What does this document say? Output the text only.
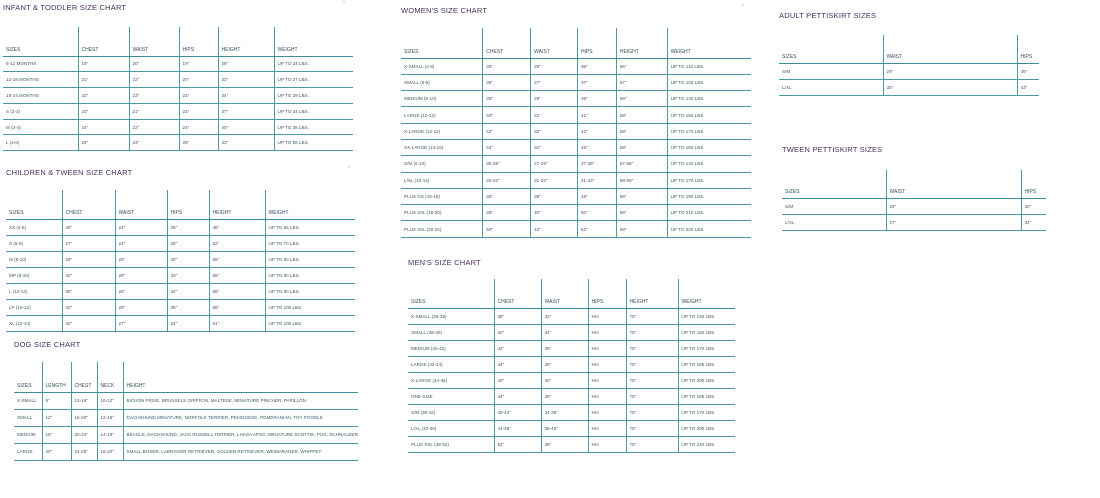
INFANT & TODDLER SIZE CHART	ˇ
SIZES	CHEST	WAIST	HIPS	HEIGHT	WEIGHT
6-12 MONTHS	19"	20"	19"	29"	UP TO 24 LBS.
12-18 MONTHS	21"	22"	20"	32"	UP TO 27 LBS.
18-24 MONTHS	22"	23"	23"	34"	UP TO 29 LBS.
S (2-3)	23"	21"	23"	37"	UP TO 34 LBS.
M (3-4)	24"	22"	24"	40"	UP TO 38 LBS.
L (4-6)	25"	23"	25"	43"	UP TO 55 LBS.
CHILDREN & TWEEN SIZE CHART	ˇ
SIZES	CHEST	WAIST	HIPS	HEIGHT	WEIGHT
XS (4-6)	25"	24"	26"	46"	UP TO 55 LBS.
S (6-8)	27"	24"	28"	52"	UP TO 70 LBS.
M (8-10)	29"	25"	30"	55"	UP TO 80 LBS.
MP (8-10)	32"	28"	33"	55"	UP TO 90 LBS.
L (10-12)	30"	26"	32"	58"	UP TO 90 LBS.
LP (10-12)	33"	29"	35"	58"	UP TO 100 LBS.
XL (12-14)	32"	27"	34"	61"	UP TO 100 LBS.
DOG SIZE CHART
SIZES	LENGTH	CHEST	NECK	HEIGHT
X-SMALL	8"	12-16"	10-12"	BICHON FRISE, BRUSSELS GRIFFON, MALTESE, MINIATURE PINCHER, PAPILLON
SMALL	12"	16-20"	12-16"	DACHSHUND MINIATURE, NORFOLK TERRIER, PEKINGESE, POMERANIAN, TOY POODLE
MEDIUM	16"	20-24"	14-18"	BEAGLE, DACHSHUND, JACK RUSSELL TERRIER, LHASA APSO, MINIATURE SCOTTIE, PUG, SCHNAUZER
LARGE	20"	24-29"	16-20"	SMALL BOXER, LABRADOR RETRIEVER, GOLDEN RETRIEVER, WEIMARANER, WHIPPET
WOMEN'S SIZE CHART	ˇ
SIZES	CHEST	WAIST	HIPS	HEIGHT	WEIGHT
X-SMALL (4-6)	35"	26"	36"	66"	UP TO 110 LBS.
SMALL (6-8)	36"	27"	37"	67"	UP TO 125 LBS.
MEDIUM (8-10)	38"	29"	39"	68"	UP TO 140 LBS.
LARGE (10-12)	40"	31"	41"	68"	UP TO 155 LBS.
X-LARGE (12-14)	42"	33"	43"	68"	UP TO 170 LBS.
XX-LARGE (14-16)	44"	34"	45"	68"	UP TO 180 LBS.
S/M (6-10)	36-38"	27-29"	37-39"	67-68"	UP TO 140 LBS.
L/XL (10-14)	40-42"	31-33"	41-43"	68-69"	UP TO 170 LBS.
PLUS OS (16-18)	46"	38"	48"	68"	UP TO 190 LBS.
PLUS 2XL (18-20)	48"	40"	50"	68"	UP TO 210 LBS.
PLUS 3XL (20-22)	50"	42"	52"	68"	UP TO 230 LBS.
MEN'S SIZE CHART
SIZES	CHEST	WAIST	HIPS	HEIGHT	WEIGHT
X-SMALL (36-38)	38"	32"	N/A	70"	UP TO 140 LBS.
SMALL (38-40)	40"	34"	N/A	70"	UP TO 150 LBS.
MEDIUM (40-42)	42"	36"	N/A	70"	UP TO 170 LBS.
LARGE (42-44)	44"	38"	N/A	70"	UP TO 185 LBS.
X-LARGE (44-46)	46"	40"	N/A	70"	UP TO 200 LBS.
ONE-SIZE	44"	38"	N/A	70"	UP TO 185 LBS.
S/M (38-42)	40-42"	34-36"	N/A	70"	UP TO 170 LBS.
L/XL (42-46)	44-46"	38-40"	N/A	70"	UP TO 200 LBS.
PLUS XXL (48-52)	52"	48"	N/A	70"	UP TO 240 LBS.
ADULT PETTISKIRT SIZES
SIZES	WAIST	HIPS
S/M	29"	39"
L/XL	33"	43"
TWEEN PETTISKIRT SIZES
SIZES	WAIST	HIPS
S/M	25"	30"
L/XL	27"	34"
